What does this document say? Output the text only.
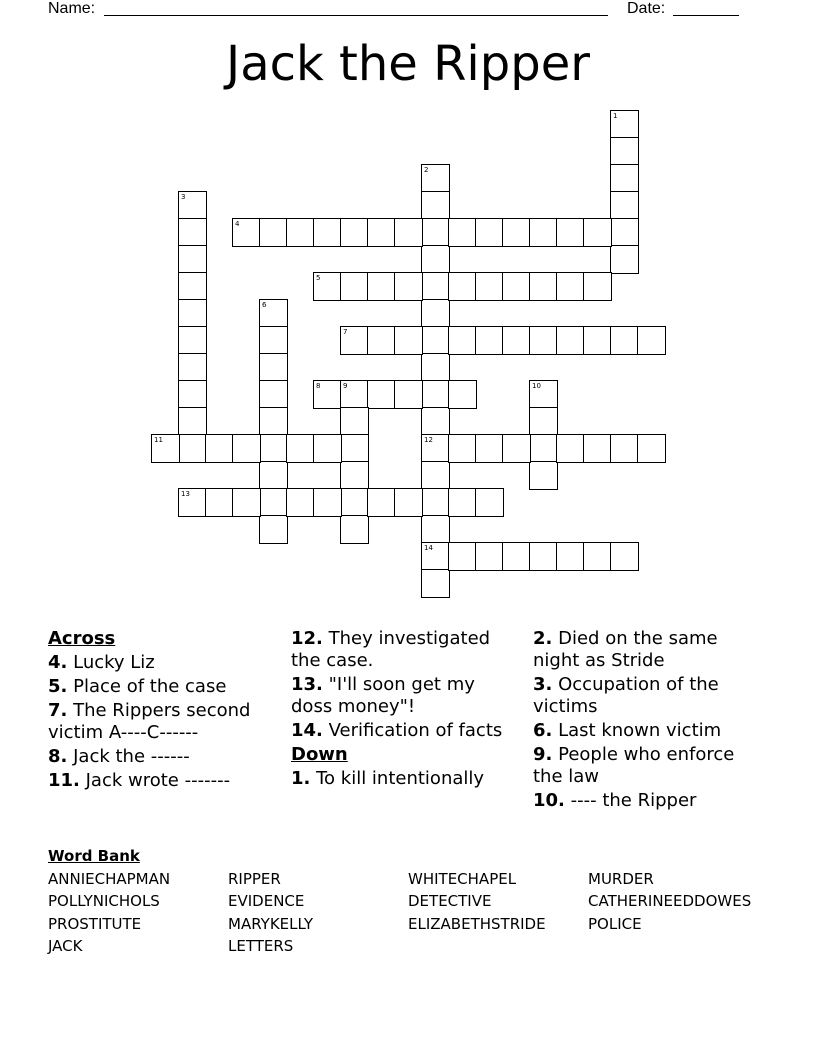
Name:	Date:
Jack the Ripper
1
2
12
14
3
4
5
6
7
8	9	10
11
13
Across
4. Lucky Liz
5. Place of the case
7. The Rippers second victim A----C------
8. Jack the ------
11. Jack wrote -------
12. They investigated the case.
13. "I'll soon get my doss money"!
14. Verification of facts
Down
1. To kill intentionally
2. Died on the same night as Stride
3. Occupation of the victims
6. Last known victim
9. People who enforce the law
10. ---- the Ripper
Word Bank
ANNIECHAPMAN	RIPPER	WHITECHAPEL	MURDER
POLLYNICHOLS	EVIDENCE	DETECTIVE	CATHERINEEDDOWES
PROSTITUTE	MARYKELLY	ELIZABETHSTRIDE	POLICE
JACK	LETTERS
